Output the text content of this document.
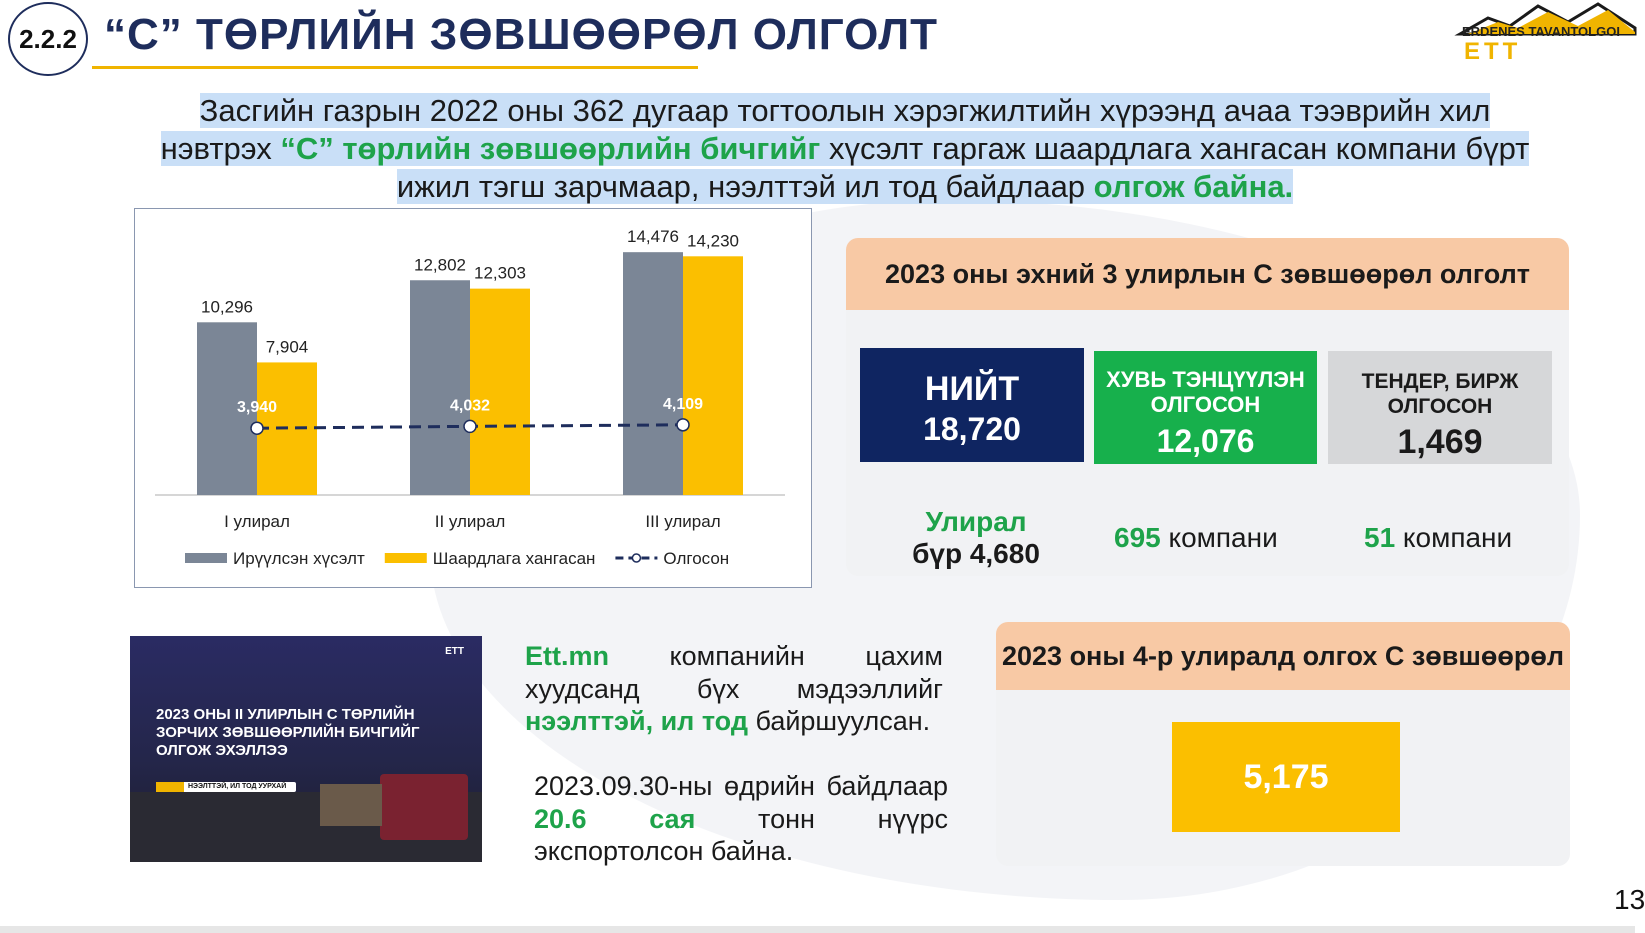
2.2.2 “С” ТӨРЛИЙН ЗӨВШӨӨРӨЛ ОЛГОЛТ	ERDENES TAVANTOLGOI
ETT
Засгийн газрын 2022 оны 362 дугаар тогтоолын хэрэгжилтийн хүрээнд ачаа тээврийн хил нэвтрэх “С” төрлийн зөвшөөрлийн бичгийг хүсэлт гаргаж шаардлага хангасан компани бүрт ижил тэгш зарчмаар, нээлттэй ил тод байдлаар олгож байна.
10,296
7,904
I улирал
12,802 12,303
II улирал
14,476 14,230
III улирал
3,940	4,032	4,109
Ирүүлсэн хүсэлт	Шаардлага хангасан	Олгосон
2023 оны эхний 3 улирлын С зөвшөөрөл олголт
НИЙТ
18,720
ХУВЬ ТЭНЦҮҮЛЭН ОЛГОСОН
12,076
ТЕНДЕР, БИРЖ ОЛГОСОН
1,469
Улирал
бүр 4,680
695 компани	51 компани
ETT
2023 ОНЫ II УЛИРЛЫН С ТӨРЛИЙН ЗОРЧИХ ЗӨВШӨӨРЛИЙН БИЧГИЙГ ОЛГОЖ ЭХЭЛЛЭЭ
НЭЭЛТТЭЙ, ИЛ ТОД УУРХАЙ
Ett.mn компанийн цахим хуудсанд бүх мэдээллийг нээлттэй, ил тод байршуулсан.
2023.09.30-ны өдрийн байдлаар 20.6 сая тонн нүүрс экспортолсон байна.
2023 оны 4-р улиралд олгох С зөвшөөрөл
5,175
13
